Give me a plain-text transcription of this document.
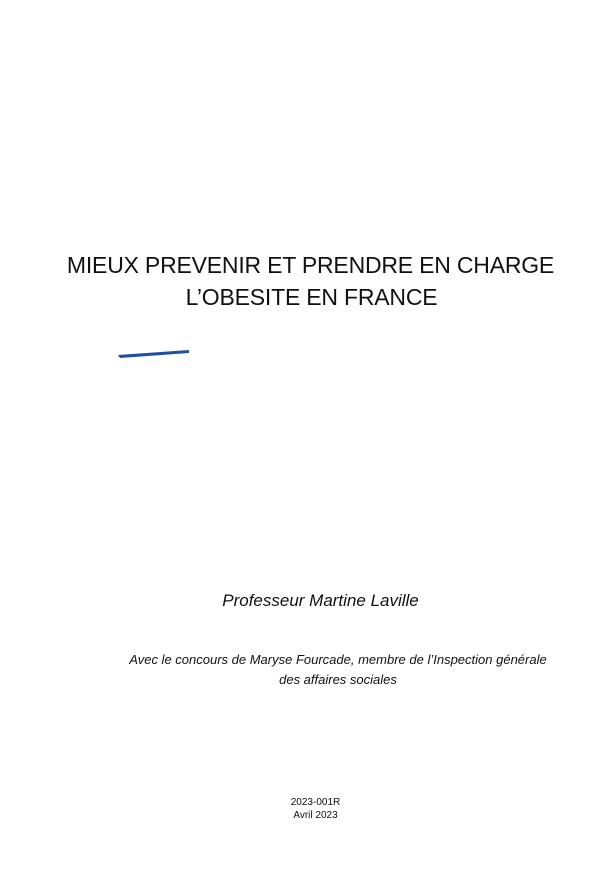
MIEUX PREVENIR ET PRENDRE EN CHARGE
L’OBESITE EN FRANCE
Professeur Martine Laville
Avec le concours de Maryse Fourcade, membre de l’Inspection générale
des affaires sociales
2023-001R
Avril 2023
